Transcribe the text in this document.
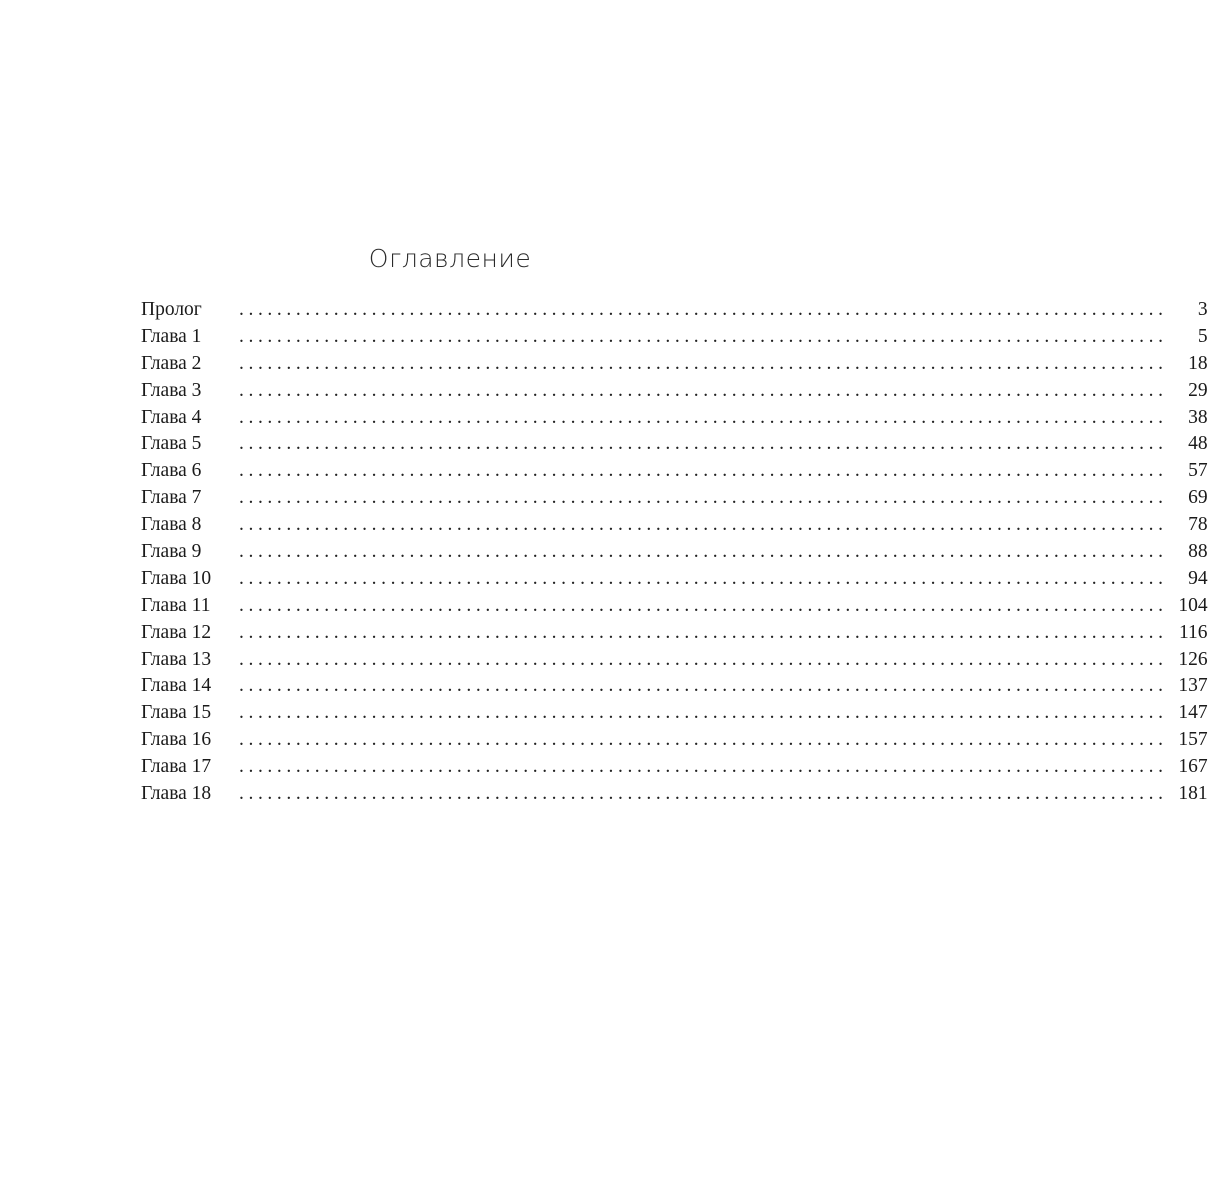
Оглавление
Пролог	..................................................................................................	3
Глава 1	..................................................................................................	5
Глава 2	..................................................................................................	18
Глава 3	..................................................................................................	29
Глава 4	..................................................................................................	38
Глава 5	..................................................................................................	48
Глава 6	..................................................................................................	57
Глава 7	..................................................................................................	69
Глава 8	..................................................................................................	78
Глава 9	..................................................................................................	88
Глава 10	..................................................................................................	94
Глава 11	.................................................................................................. 104
Глава 12	.................................................................................................. 116
Глава 13	.................................................................................................. 126
Глава 14	.................................................................................................. 137
Глава 15	.................................................................................................. 147
Глава 16	.................................................................................................. 157
Глава 17	.................................................................................................. 167
Глава 18	.................................................................................................. 181
